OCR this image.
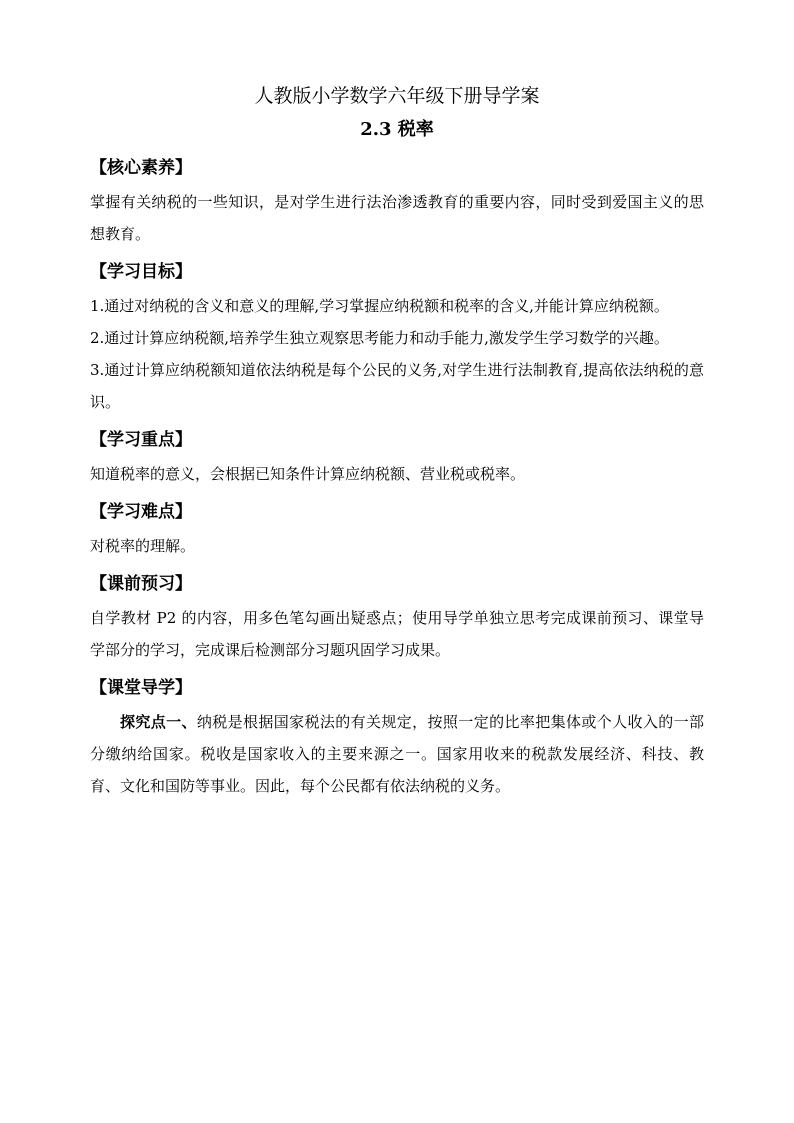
人教版小学数学六年级下册导学案

2.3 税率

【核心素养】

掌握有关纳税的一些知识，是对学生进行法治渗透教育的重要内容，同时受到爱国主义的思想教育。

【学习目标】

1.通过对纳税的含义和意义的理解,学习掌握应纳税额和税率的含义,并能计算应纳税额。

2.通过计算应纳税额,培养学生独立观察思考能力和动手能力,激发学生学习数学的兴趣。

3.通过计算应纳税额知道依法纳税是每个公民的义务,对学生进行法制教育,提高依法纳税的意识。

【学习重点】

知道税率的意义，会根据已知条件计算应纳税额、营业税或税率。

【学习难点】

对税率的理解。

【课前预习】

自学教材 P2 的内容，用多色笔勾画出疑惑点；使用导学单独立思考完成课前预习、课堂导学部分的学习，完成课后检测部分习题巩固学习成果。

【课堂导学】

探究点一、纳税是根据国家税法的有关规定，按照一定的比率把集体或个人收入的一部分缴纳给国家。税收是国家收入的主要来源之一。国家用收来的税款发展经济、科技、教育、文化和国防等事业。因此，每个公民都有依法纳税的义务。
